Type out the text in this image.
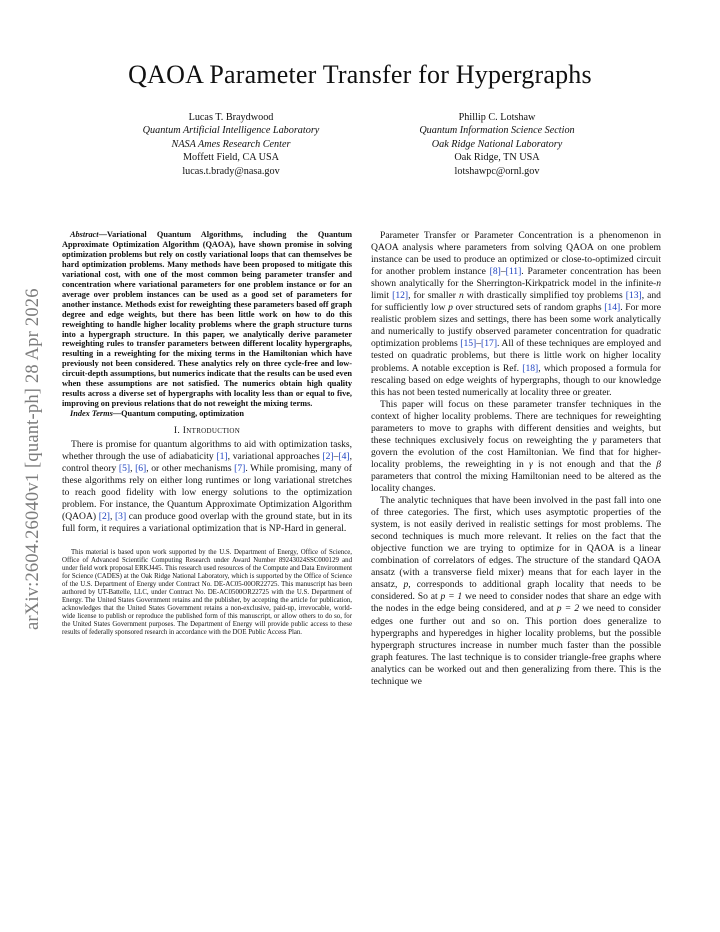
arXiv:2604.26040v1 [quant-ph] 28 Apr 2026
QAOA Parameter Transfer for Hypergraphs
Lucas T. Braydwood
Quantum Artificial Intelligence Laboratory
NASA Ames Research Center
Moffett Field, CA USA
lucas.t.brady@nasa.gov
Phillip C. Lotshaw
Quantum Information Science Section
Oak Ridge National Laboratory
Oak Ridge, TN USA
lotshawpc@ornl.gov

Abstract—Variational Quantum Algorithms, including the Quantum Approximate Optimization Algorithm (QAOA), have shown promise in solving optimization problems but rely on costly variational loops that can themselves be hard optimization problems. Many methods have been proposed to mitigate this variational cost, with one of the most common being parameter transfer and concentration where variational parameters for one problem instance or for an average over problem instances can be used as a good set of parameters for another instance. Methods exist for reweighting these parameters based off graph degree and edge weights, but there has been little work on how to do this reweighting to handle higher locality problems where the graph structure turns into a hypergraph structure. In this paper, we analytically derive parameter reweighting rules to transfer parameters between different locality hypergraphs, resulting in a reweighting for the mixing terms in the Hamiltonian which have previously not been considered. These analytics rely on three cycle-free and low-circuit-depth assumptions, but numerics indicate that the results can be used even when these assumptions are not satisfied. The numerics obtain high quality results across a diverse set of hypergraphs with locality less than or equal to five, improving on previous relations that do not reweight the mixing terms.

Index Terms—Quantum computing, optimization

I. Introduction

There is promise for quantum algorithms to aid with optimization tasks, whether through the use of adiabaticity [1], variational approaches [2]–[4], control theory [5], [6], or other mechanisms [7]. While promising, many of these algorithms rely on either long runtimes or long variational stretches to reach good fidelity with low energy solutions to the optimization problem. For instance, the Quantum Approximate Optimization Algorithm (QAOA) [2], [3] can produce good overlap with the ground state, but in its full form, it requires a variational optimization that is NP-Hard in general.

This material is based upon work supported by the U.S. Department of Energy, Office of Science, Office of Advanced Scientific Computing Research under Award Number 89243024SSC000129 and under field work proposal ERKJ445. This research used resources of the Compute and Data Environment for Science (CADES) at the Oak Ridge National Laboratory, which is supported by the Office of Science of the U.S. Department of Energy under Contract No. DE-AC05-00OR22725. This manuscript has been authored by UT-Battelle, LLC, under Contract No. DE-AC0500OR22725 with the U.S. Department of Energy. The United States Government retains and the publisher, by accepting the article for publication, acknowledges that the United States Government retains a non-exclusive, paid-up, irrevocable, world-wide license to publish or reproduce the published form of this manuscript, or allow others to do so, for the United States Government purposes. The Department of Energy will provide public access to these results of federally sponsored research in accordance with the DOE Public Access Plan.

Parameter Transfer or Parameter Concentration is a phenomenon in QAOA analysis where parameters from solving QAOA on one problem instance can be used to produce an optimized or close-to-optimized circuit for another problem instance [8]–[11]. Parameter concentration has been shown analytically for the Sherrington-Kirkpatrick model in the infinite-n limit [12], for smaller n with drastically simplified toy problems [13], and for sufficiently low p over structured sets of random graphs [14]. For more realistic problem sizes and settings, there has been some work analytically and numerically to justify observed parameter concentration for quadratic optimization problems [15]–[17]. All of these techniques are employed and tested on quadratic problems, but there is little work on higher locality problems. A notable exception is Ref. [18], which proposed a formula for rescaling based on edge weights of hypergraphs, though to our knowledge this has not been tested numerically at locality three or greater.

This paper will focus on these parameter transfer techniques in the context of higher locality problems. There are techniques for reweighting parameters to move to graphs with different densities and weights, but these techniques exclusively focus on reweighting the γ parameters that govern the evolution of the cost Hamiltonian. We find that for higher-locality problems, the reweighting in γ is not enough and that the β parameters that control the mixing Hamiltonian need to be altered as the locality changes.

The analytic techniques that have been involved in the past fall into one of three categories. The first, which uses asymptotic properties of the system, is not easily derived in realistic settings for most problems. The second techniques is much more relevant. It relies on the fact that the objective function we are trying to optimize for in QAOA is a linear combination of correlators of edges. The structure of the standard QAOA ansatz (with a transverse field mixer) means that for each layer in the ansatz, p, corresponds to additional graph locality that needs to be considered. So at p = 1 we need to consider nodes that share an edge with the nodes in the edge being considered, and at p = 2 we need to consider edges one further out and so on. This portion does generalize to hypergraphs and hyperedges in higher locality problems, but the possible hypergraph structures increase in number much faster than the possible graph features. The last technique is to consider triangle-free graphs where analytics can be worked out and then generalizing from there. This is the technique we
